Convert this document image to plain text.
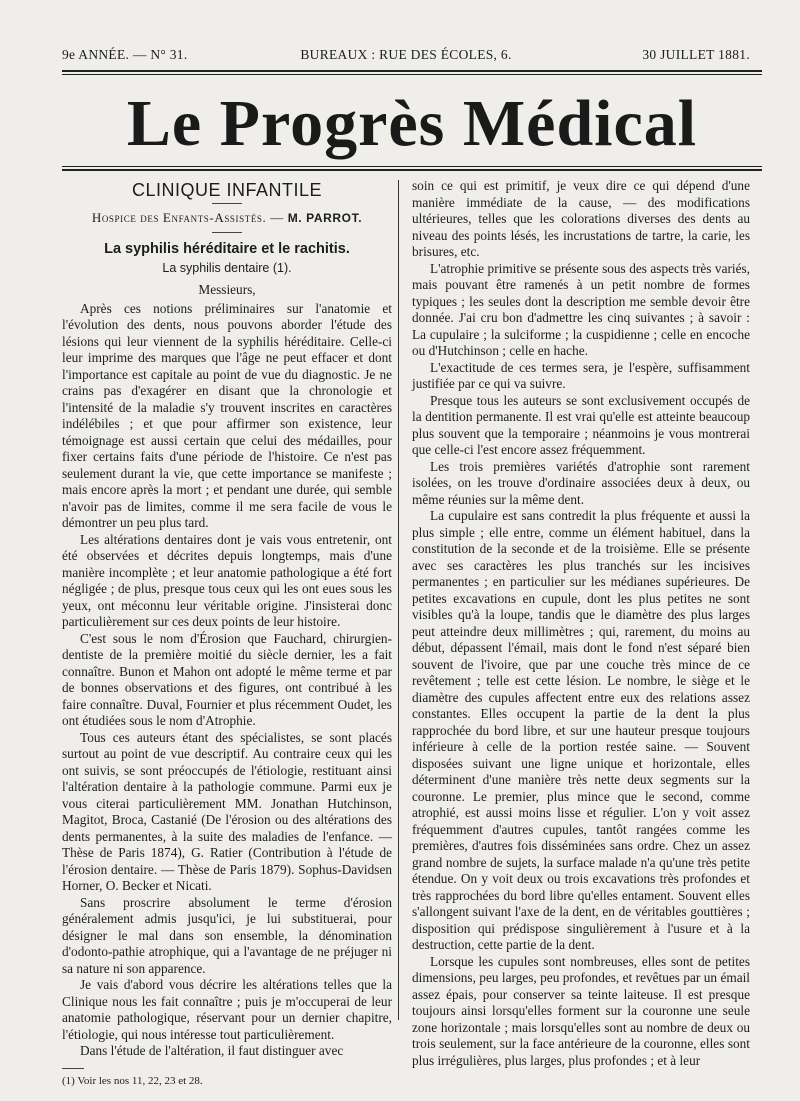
9e ANNÉE. — N° 31.	BUREAUX : RUE DES ÉCOLES, 6.	30 JUILLET 1881.
Le Progrès Médical
CLINIQUE INFANTILE
Hospice des Enfants-Assistés. — M. PARROT.
La syphilis héréditaire et le rachitis.
La syphilis dentaire (1).
Messieurs,

Après ces notions préliminaires sur l'anatomie et l'évolution des dents, nous pouvons aborder l'étude des lésions qui leur viennent de la syphilis héréditaire. Celle-ci leur imprime des marques que l'âge ne peut effacer et dont l'importance est capitale au point de vue du diagnostic. Je ne crains pas d'exagérer en disant que la chronologie et l'intensité de la maladie s'y trouvent inscrites en caractères indélébiles ; et que pour affirmer son existence, leur témoignage est aussi certain que celui des médailles, pour fixer certains faits d'une période de l'histoire. Ce n'est pas seulement durant la vie, que cette importance se manifeste ; mais encore après la mort ; et pendant une durée, qui semble n'avoir pas de limites, comme il me sera facile de vous le démontrer un peu plus tard.

Les altérations dentaires dont je vais vous entretenir, ont été observées et décrites depuis longtemps, mais d'une manière incomplète ; et leur anatomie pathologique a été fort négligée ; de plus, presque tous ceux qui les ont eues sous les yeux, ont méconnu leur véritable origine. J'insisterai donc particulièrement sur ces deux points de leur histoire.

C'est sous le nom d'Érosion que Fauchard, chirurgien-dentiste de la première moitié du siècle dernier, les a fait connaître. Bunon et Mahon ont adopté le même terme et par de bonnes observations et des figures, ont contribué à les faire connaître. Duval, Fournier et plus récemment Oudet, les ont étudiées sous le nom d'Atrophie.

Tous ces auteurs étant des spécialistes, se sont placés surtout au point de vue descriptif. Au contraire ceux qui les ont suivis, se sont préoccupés de l'étiologie, restituant ainsi l'altération dentaire à la pathologie commune. Parmi eux je vous citerai particulièrement MM. Jonathan Hutchinson, Magitot, Broca, Castanié (De l'érosion ou des altérations des dents permanentes, à la suite des maladies de l'enfance. — Thèse de Paris 1874), G. Ratier (Contribution à l'étude de l'érosion dentaire. — Thèse de Paris 1879). Sophus-Davidsen Horner, O. Becker et Nicati.

Sans proscrire absolument le terme d'érosion généralement admis jusqu'ici, je lui substituerai, pour désigner le mal dans son ensemble, la dénomination d'odonto-pathie atrophique, qui a l'avantage de ne préjuger ni sa nature ni son apparence.

Je vais d'abord vous décrire les altérations telles que la Clinique nous les fait connaître ; puis je m'occuperai de leur anatomie pathologique, réservant pour un dernier chapitre, l'étiologie, qui nous intéresse tout particulièrement.

Dans l'étude de l'altération, il faut distinguer avec

(1) Voir les nos 11, 22, 23 et 28.

soin ce qui est primitif, je veux dire ce qui dépend d'une manière immédiate de la cause, — des modifications ultérieures, telles que les colorations diverses des dents au niveau des points lésés, les incrustations de tartre, la carie, les brisures, etc.

L'atrophie primitive se présente sous des aspects très variés, mais pouvant être ramenés à un petit nombre de formes typiques ; les seules dont la description me semble devoir être donnée. J'ai cru bon d'admettre les cinq suivantes ; à savoir : La cupulaire ; la sulciforme ; la cuspidienne ; celle en encoche ou d'Hutchinson ; celle en hache.

L'exactitude de ces termes sera, je l'espère, suffisamment justifiée par ce qui va suivre.

Presque tous les auteurs se sont exclusivement occupés de la dentition permanente. Il est vrai qu'elle est atteinte beaucoup plus souvent que la temporaire ; néanmoins je vous montrerai que celle-ci l'est encore assez fréquemment.

Les trois premières variétés d'atrophie sont rarement isolées, on les trouve d'ordinaire associées deux à deux, ou même réunies sur la même dent.

La cupulaire est sans contredit la plus fréquente et aussi la plus simple ; elle entre, comme un élément habituel, dans la constitution de la seconde et de la troisième. Elle se présente avec ses caractères les plus tranchés sur les incisives permanentes ; en particulier sur les médianes supérieures. De petites excavations en cupule, dont les plus petites ne sont visibles qu'à la loupe, tandis que le diamètre des plus larges peut atteindre deux millimètres ; qui, rarement, du moins au début, dépassent l'émail, mais dont le fond n'est séparé bien souvent de l'ivoire, que par une couche très mince de ce revêtement ; telle est cette lésion. Le nombre, le siège et le diamètre des cupules affectent entre eux des relations assez constantes. Elles occupent la partie de la dent la plus rapprochée du bord libre, et sur une hauteur presque toujours inférieure à celle de la portion restée saine. — Souvent disposées suivant une ligne unique et horizontale, elles déterminent d'une manière très nette deux segments sur la couronne. Le premier, plus mince que le second, comme atrophié, est aussi moins lisse et régulier. L'on y voit assez fréquemment d'autres cupules, tantôt rangées comme les premières, d'autres fois disséminées sans ordre. Chez un assez grand nombre de sujets, la surface malade n'a qu'une très petite étendue. On y voit deux ou trois excavations très profondes et très rapprochées du bord libre qu'elles entament. Souvent elles s'allongent suivant l'axe de la dent, en de véritables gouttières ; disposition qui prédispose singulièrement à l'usure et à la destruction, cette partie de la dent.

Lorsque les cupules sont nombreuses, elles sont de petites dimensions, peu larges, peu profondes, et revêtues par un émail assez épais, pour conserver sa teinte laiteuse. Il est presque toujours ainsi lorsqu'elles forment sur la couronne une seule zone horizontale ; mais lorsqu'elles sont au nombre de deux ou trois seulement, sur la face antérieure de la couronne, elles sont plus irrégulières, plus larges, plus profondes ; et à leur
